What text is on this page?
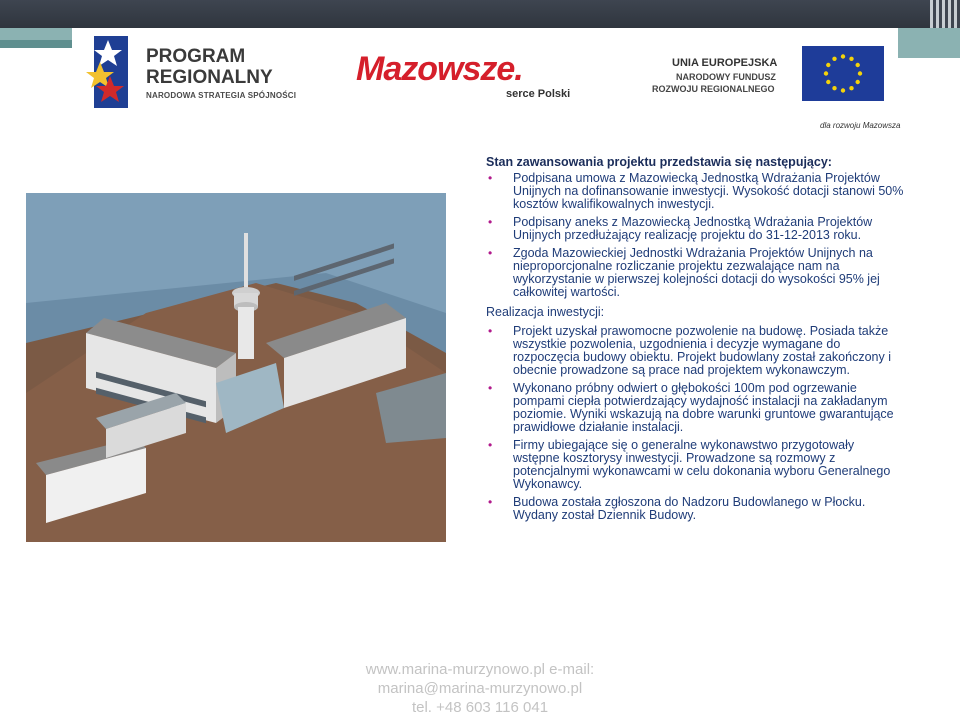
PROGRAM
REGIONALNY
NARODOWA STRATEGIA SPÓJNOŚCI
Mazowsze.
serce Polski
UNIA EUROPEJSKA
NARODOWY FUNDUSZ
ROZWOJU REGIONALNEGO
dla rozwoju Mazowsza
Stan zawansowania projektu przedstawia się następujący:
• Podpisana umowa z Mazowiecką Jednostką Wdrażania Projektów Unijnych na dofinansowanie inwestycji. Wysokość dotacji stanowi 50% kosztów kwalifikowalnych inwestycji.
• Podpisany aneks z Mazowiecką Jednostką Wdrażania Projektów Unijnych przedłużający realizację projektu do 31-12-2013 roku.
• Zgoda Mazowieckiej Jednostki Wdrażania Projektów Unijnych na nieproporcjonalne rozliczanie projektu zezwalające nam na wykorzystanie w pierwszej kolejności dotacji do wysokości 95% jej całkowitej wartości.
Realizacja inwestycji:
• Projekt uzyskał prawomocne pozwolenie na budowę. Posiada także wszystkie pozwolenia, uzgodnienia i decyzje wymagane do rozpoczęcia budowy obiektu. Projekt budowlany został zakończony i obecnie prowadzone są prace nad projektem wykonawczym.
• Wykonano próbny odwiert o głębokości 100m pod ogrzewanie pompami ciepła potwierdzający wydajność instalacji na zakładanym poziomie. Wyniki wskazują na dobre warunki gruntowe gwarantujące prawidłowe działanie instalacji.
• Firmy ubiegające się o generalne wykonawstwo przygotowały wstępne kosztorysy inwestycji. Prowadzone są rozmowy z potencjalnymi wykonawcami w celu dokonania wyboru Generalnego Wykonawcy.
• Budowa została zgłoszona do Nadzoru Budowlanego w Płocku. Wydany został Dziennik Budowy.
www.marina-murzynowo.pl e-mail:
marina@marina-murzynowo.pl
tel. +48 603 116 041
